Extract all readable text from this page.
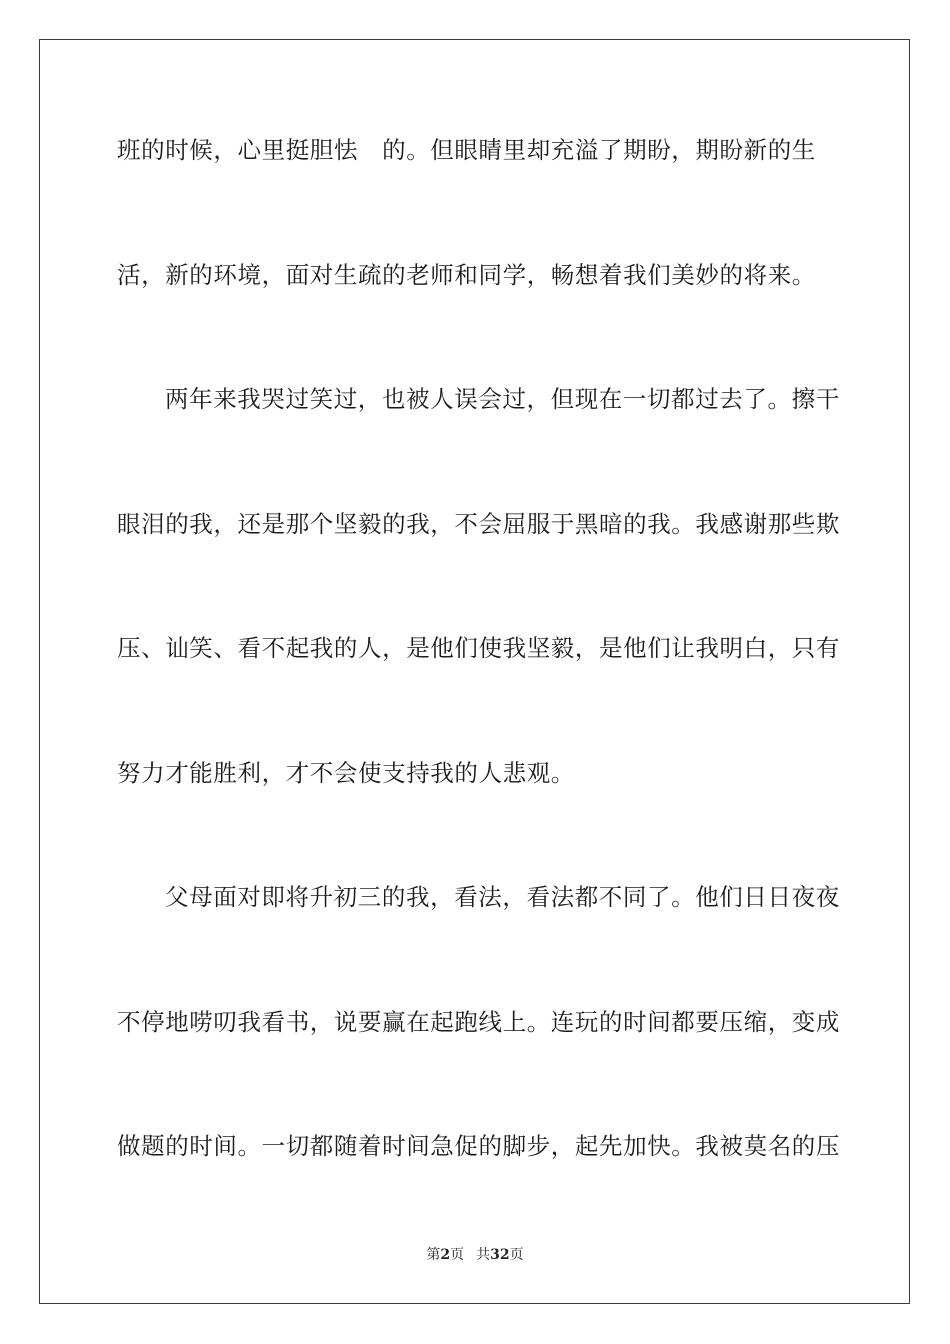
班的时候，心里挺胆怯　的。但眼睛里却充溢了期盼，期盼新的生
活，新的环境，面对生疏的老师和同学，畅想着我们美妙的将来。
两年来我哭过笑过，也被人误会过，但现在一切都过去了。擦干
眼泪的我，还是那个坚毅的我，不会屈服于黑暗的我。我感谢那些欺
压、讪笑、看不起我的人，是他们使我坚毅，是他们让我明白，只有
努力才能胜利，才不会使支持我的人悲观。
父母面对即将升初三的我，看法，看法都不同了。他们日日夜夜
不停地唠叨我看书，说要赢在起跑线上。连玩的时间都要压缩，变成
做题的时间。一切都随着时间急促的脚步，起先加快。我被莫名的压
第2页 共32页
